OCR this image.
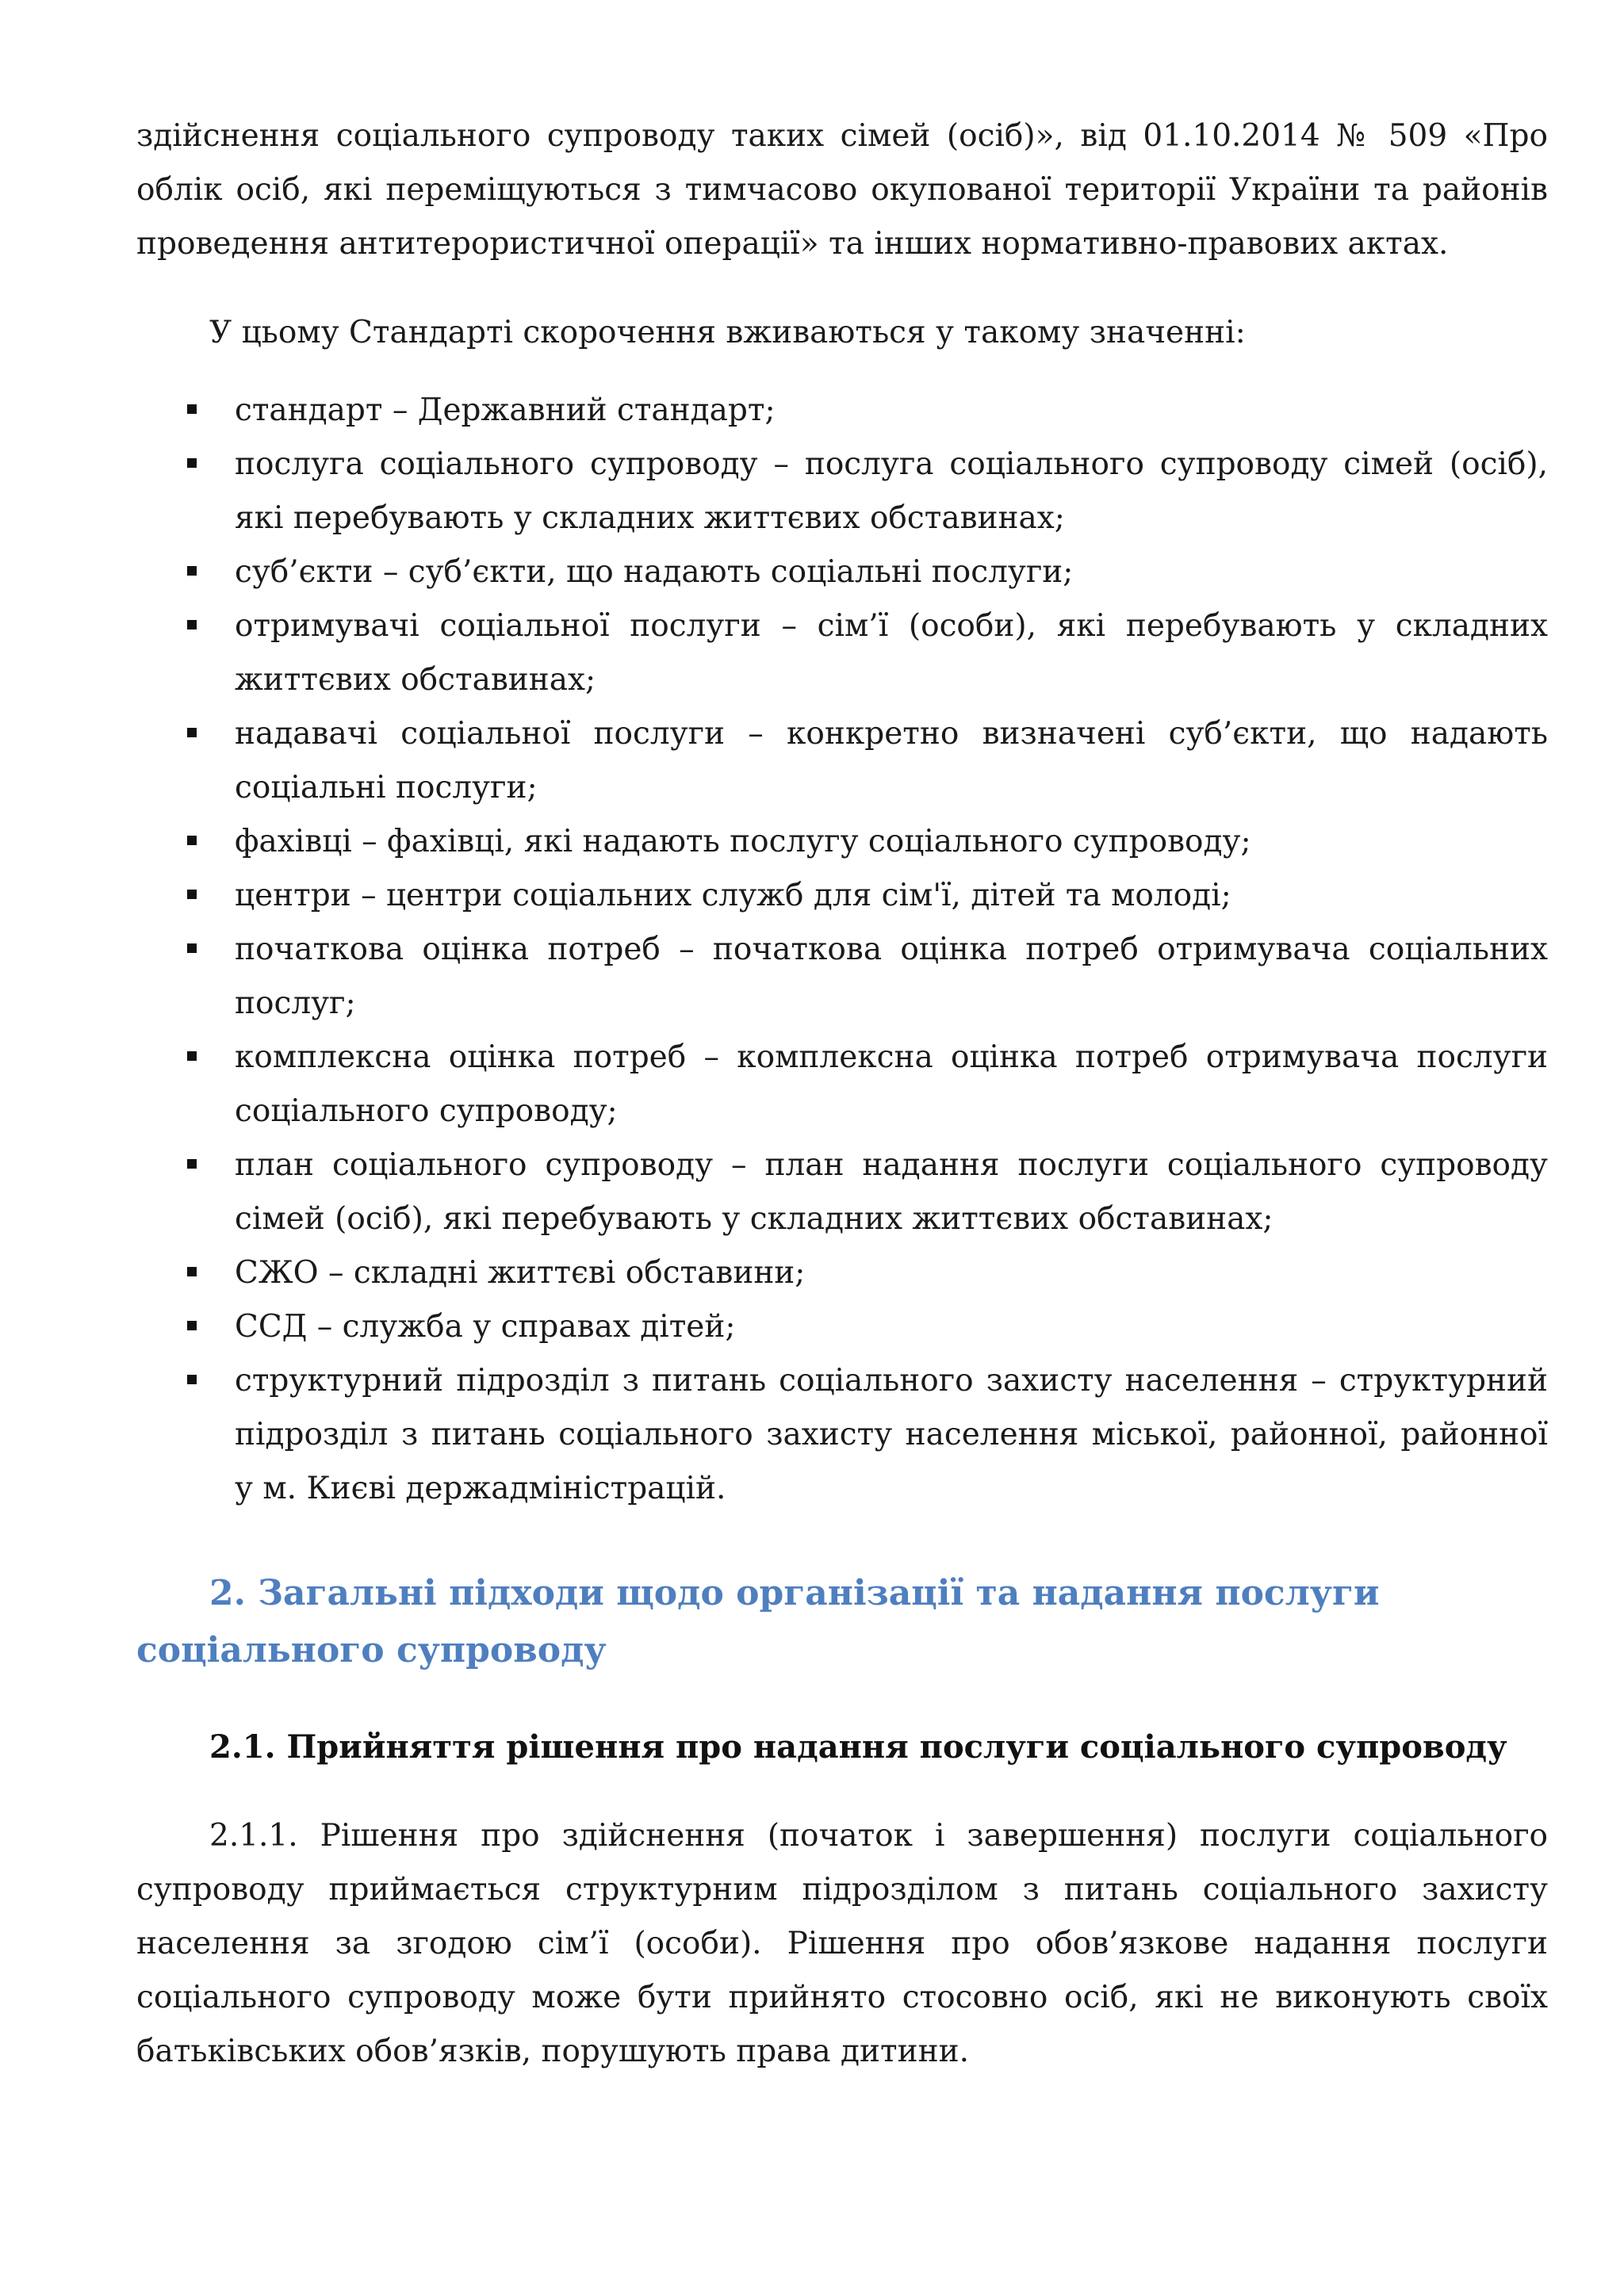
здійснення соціального супроводу таких сімей (осіб)», від 01.10.2014 № 509 «Про облік осіб, які переміщуються з тимчасово окупованої території України та районів проведення антитерористичної операції» та інших нормативно-правових актах.

У цьому Стандарті скорочення вживаються у такому значенні:

стандарт – Державний стандарт;
послуга соціального супроводу – послуга соціального супроводу сімей (осіб), які перебувають у складних життєвих обставинах;
суб’єкти – суб’єкти, що надають соціальні послуги;
отримувачі соціальної послуги – сім’ї (особи), які перебувають у складних життєвих обставинах;
надавачі соціальної послуги – конкретно визначені суб’єкти, що надають соціальні послуги;
фахівці – фахівці, які надають послугу соціального супроводу;
центри – центри соціальних служб для сім'ї, дітей та молоді;
початкова оцінка потреб – початкова оцінка потреб отримувача соціальних послуг;
комплексна оцінка потреб – комплексна оцінка потреб отримувача послуги соціального супроводу;
план соціального супроводу – план надання послуги соціального супроводу сімей (осіб), які перебувають у складних життєвих обставинах;
СЖО – складні життєві обставини;
ССД – служба у справах дітей;
структурний підрозділ з питань соціального захисту населення – структурний підрозділ з питань соціального захисту населення міської, районної, районної у м. Києві держадміністрацій.
2. Загальні підходи щодо організації та надання послуги соціального супроводу
2.1. Прийняття рішення про надання послуги соціального супроводу

2.1.1. Рішення про здійснення (початок і завершення) послуги соціального супроводу приймається структурним підрозділом з питань соціального захисту населення за згодою сім’ї (особи). Рішення про обов’язкове надання послуги соціального супроводу може бути прийнято стосовно осіб, які не виконують своїх батьківських обов’язків, порушують права дитини.
